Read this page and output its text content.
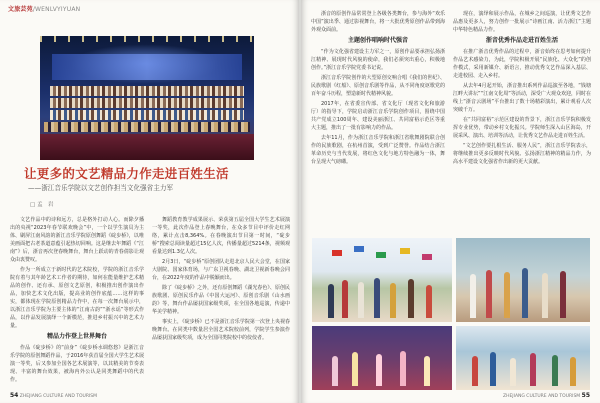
文旅芸苑/WENLVYIYUAN
让更多的文艺精品力作走进百姓生活
——浙江音乐学院以文艺创作担当文化强省主力军
□ 孟　岩

文艺作品中的诗和远方，总是格外打动人心。而除夕播出的央视“2023年春节联欢晚会”中，一个以学生演员为主体、刷屏江南风韵的浙江音乐学院原创舞蹈《碇步桥》，以唯美画面把古老茶道意蕴引起热切回响。这是继去年舞蹈《“江南”》后，浙音再次登春晚舞台，舞台上跃动的青春倩影让观众由衷赞叹。

作为一所成立于新时代的艺术院校，学院的浙江音乐学院有着与其年龄艺术工作者的期待，如何在能量维护艺术精品的创作、还有承、原创文艺原创，积极推出创作演出作品，加快艺术文化出版，提高业的创作底蕴……这样的事实，都体现在学院原创精品力作中，在每一次舞台展示中，以浙江音乐学院为主要主体的“江南古韵”“浙水谣”等形式作品，以作品发展演绎一个新模范，推进乡村振兴中的艺术力量。

精品力作登上世界舞台

作品《碇步桥》的“前身”《碇步桥水调悠悠》是浙江音乐学院的原创舞蹈作品，于2016年获首届全国大学生艺术展演一等奖，后又参加全国各艺术展演等，以其精美的节奏表现、丰富的舞台效果，被海内外公认是同类舞蹈中的代表作。

舞蹈教育教学成果展示、荣获第五届全国大学生艺术展演一等奖，此次作品登上春晚舞台，在众多节目中评价走红网络，累计点击8,364%。在春晚演出节目第一时间，“碇步桥”搜索总阅读量超过15亿人次，传播量超过5214条，视频观看量达到1.3亿人次。

2月3日，“碇步桥”原创团队走进北京人民大会堂，在国家大剧院、国家体育场，与广东卫视春晚、湖北卫视新春晚会同台，在2022年度的作品中脱颖而出。

除了《碇步桥》之外，还有原创舞蹈《湖光春色》、原创民族歌剧、原创民乐作品《中国大运河》、原创音乐剧《山水画韵》等，舞台作品屡获国家级奖项，在全国各地巡演，传递中华美学精神。

事实上，《碇步桥》已不是浙江音乐学院第一次登上央视春晚舞台。在同类中数量居全国艺术院校前列，学院学生参演作品屡获国家级奖项，成为全国同类院校中的佼佼者。

54 ZHEJIANG CULTURE AND TOURISM

浙音的原创作品常常登上各级各类舞台，参与海外“欢乐中国”演出季、通过影视舞台，将一大批优秀原创作品带到海外观众面前。

主题创作唱响时代强音

“作为文化强省建设主力军之一，原创作品要承担弘扬浙江精神、展现时代风貌的使命，我们必须突出重心，积极地创作。”浙江音乐学院党委书记说。

浙江音乐学院创作的大型原创交响合唱《我们的世纪》、民族歌剧《红船》、原创音乐剧等作品，从不同角度讴歌党的百年奋斗历程，塑造新时代精神风貌。

2017年，在省委宣传部、省文化厅（现省文化和旅游厅）的指导下，学院启动浙江音乐学院创作项目，围绕中国共产党成立100周年、建设美丽浙江、共同富裕示范区等重大主题，推出了一批有影响力的作品。

去年11月，作为浙江音乐学院和浙江省歌舞剧院联合创作的民族歌剧，在杭州首演，受到广泛赞誉。作品结合浙江革命历史与当代发展，将红色文化与地方特色融为一体，舞台呈现大气磅礴。

现在，演绎和展示作品，在城乡之间巡演，让优秀文艺作品惠及更多人，努力创作一批展示“诗画江南、活力浙江”主题中华特色精品力作。

浙音优秀作品走进百姓生活

在推广浙音优秀作品的过程中，浙音始终在思考如何提升作品艺术感染力，为此，学院积极开展“民族化、大众化”的创作模式，采用新媒介、新语言，推动优秀文艺作品深入基层、走进校园、走入乡村。

从去年4月起开始，浙音推出系列作品巡演至各地，“钱塘江畔大讲坛”“江南文化周”等活动，深受广大观众欢迎，同时在线上“浙音云剧场”平台推出了数十场精彩演出，累计观看人次突破千万。

在“共同富裕”示范区建设的背景下，浙江音乐学院积极发挥专业优势，带动乡村文化振兴。学院师生深入山区海岛，开展采风、演出、培训等活动，让优秀文艺作品走进百姓生活。

“文艺创作要扎根生活、服务人民”，浙江音乐学院表示，将继续推出更多反映时代风貌、弘扬浙江精神的精品力作，为高水平建设文化强省作出新的更大贡献。

ZHEJIANG CULTURE AND TOURISM 55
